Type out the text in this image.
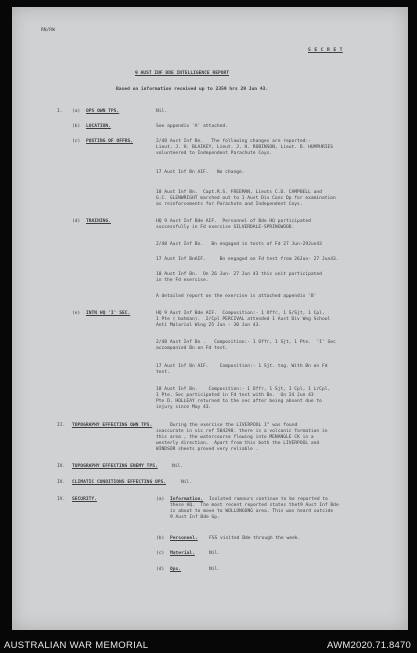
RN/RW
S E C R E T
9 AUST INF BDE INTELLIGENCE REPORT
Based on information received up to 2359 hrs 29 Jun 43.
I. (a) OPS OWN TPS.	Nil.
(b) LOCATION.	See appendix 'A' attached.
(c) POSTING OF OFFRS.	2/48 Aust Inf Bn.   The following changes are reported:-
Lieut. J. H. BLAIKEY, Lieut. J. H. ROBINSON, Lieut. D. HUMPHRIES
volunteered to Independent Parachute Coys.
17 Aust Inf Bn AIF.   No change.
18 Aust Inf Bn.  Capt.R.S. FREEMAN, Lieuts C.D. CAMPBELL and
G.C. GLENWRIGHT marched out to 1 Aust Div Conc Dp for examination
as reinforcements for Parachute and Independent Coys.
(d) TRAINING.	HQ 9 Aust Inf Bde AIF.  Personnel of Bde HQ participated
successfully in Fd exercise SILVERDALE-SPRINGWOOD.
2/48 Aust Inf Bn.   Bn engaged in tests of Fd 27 Jun-29Jun43
17 Aust Inf BnAIF.     Bn engaged on Fd test from 26Jun- 27 Jun43.
18 Aust Inf Bn.  On 26 Jun- 27 Jun 43 this unit participated
in the Fd exercise.
A detailed report on the exercise is attached appendix 'B'
(e) INTN HQ 'I' SEC.	HQ 9 Aust Inf Bde AIF.  Composition:- 1 Offr, 1 S/Sjt, 1 Cpl,
1 Pte ( batman).  2/Cpl PERCIVAL attended 1 Aust Div Wng School
Anti Malarial Wing 25 Jun - 30 Jun 43.
2/48 Aust Inf Bn .   Composition:- 1 Offr, 1 Sjt, 1 Pte.  'I' Sec
accompanied Bn on Fd test.
17 Aust Inf Bn AIF.    Composition:- 1 Sjt. tng. With Bn on Fd
test.
18 Aust Inf Bn.    Composition:- 1 Offr, 1 Sjt, 1 Cpl, 1 L/Cpl,
1 Pte. Sec participated in Fd test with Bn.  On 24 Jun 43
Pte D. HOLLEAY returned to the sec after being absent due to
injury since May 43.
II. TOPOGRAPHY EFFECTING OWN TPS.	During the exercise the LIVERPOOL 1" was found
inaccurate in vic ref 504290. there is a volcanic formation in
this area , the watercourse flowing into MENANGLE CK in a
westerly direction.  Apart from this both the LIVERPOOL and
WINDSOR sheets proved very reliable .
IV. TOPOGRAPHY EFFECTING ENEMY TPS.	Nil.
IV. CLIMATIC CONDITIONS EFFECTING OPS.	Nil.
IV. SECURITY.	(a) Information. Isolated rumours continue to be reported to
these HQ.  The most recent reported states thet9 Aust Inf Bde
is about to move to WOLLONGONG area. This was heard outside
9 Aust Inf Bde Gp.
(b) Personnel. FSS visited Bde through the week.
(c) Material.	Nil.
(d) Ops.	Nil.
AUSTRALIAN WAR MEMORIAL	AWM2020.71.8470
